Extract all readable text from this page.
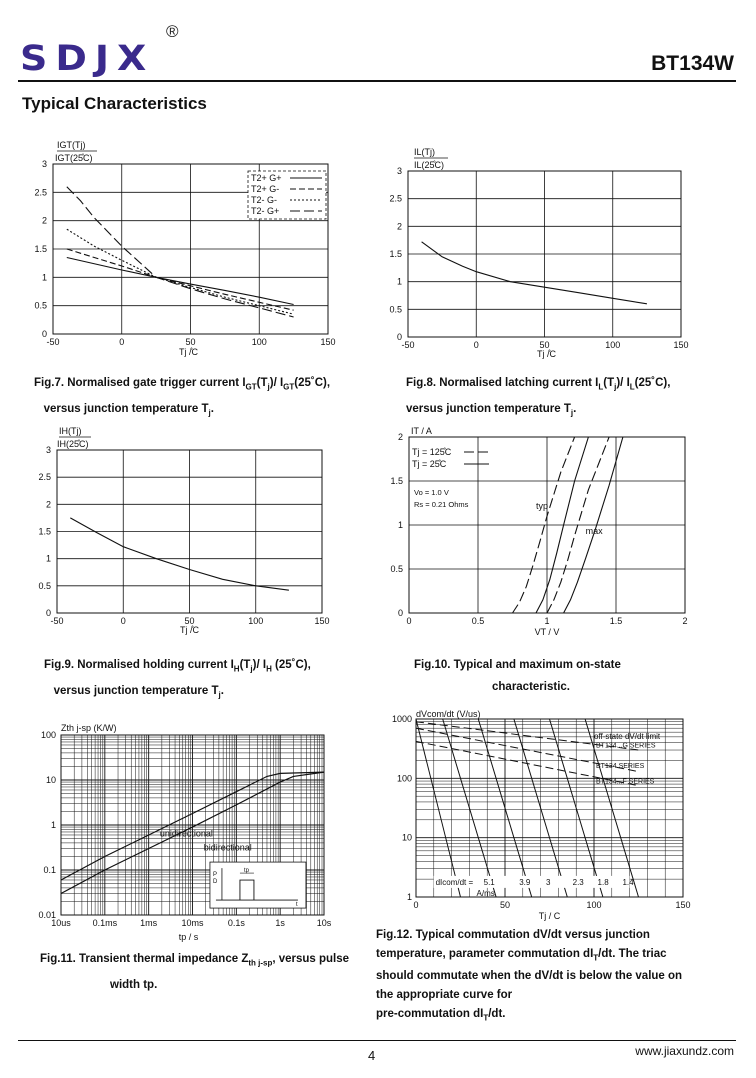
SDJX
®
BT134W
Typical Characteristics
-50	0	50	100	150
0
0.5
1
1.5
2
2.5
3
IGT(Tj)
IGT(25̊C)
Tj /̊C
T2+ G+
T2+ G-
T2- G-
T2- G+
-50	0	50	100	150
0
0.5
1
1.5
2
2.5
3
IL(Tj)
IL(25̊C)
Tj /̊C
-50	0	50	100	150
0
0.5
1
1.5
2
2.5
3
IH(Tj)
IH(25̊C)
Tj /̊C
0	0.5	1	1.5	2
0
0.5
1
1.5
2
IT / A
VT / V
Tj = 125̊C
Tj = 25̊C
Vo = 1.0 V
Rs = 0.21 Ohms	typ
max
10us 0.1ms	1ms	10ms	0.1s	1s	10s
0.01
0.1
1
10
100
Zth j-sp (K/W)
tp / s
unidirectional
bidirectional
P
D
tp
t	0	50	100	150
1
10
100
1000 dVcom/dt (V/us)
Tj / C
off-state dV/dt limit
BT134...G SERIES
BT134 SERIES
BT134...F SERIES
dIcom/dt = 5.1	3.9 3	2.3 1.8 1.4
A/ms
Fig.7. Normalised gate trigger current $I_{GT}(T_j)/$ $I_{GT}(25˚C)$,
versus junction temperature $T_j$.
Fig.8. Normalised latching current $I_L(T_j)/$ $I_L(25˚C)$,
versus junction temperature $T_j$.
Fig.9. Normalised holding current $I_H(T_j)/$ $I_H$ (25˚C),
versus junction temperature $T_j$.
Fig.10. Typical and maximum on-state
characteristic.
Fig.11. Transient thermal impedance $Z_{th j-sp}$, versus pulse
width tp.
Fig.12. Typical commutation dV/dt versus junction
temperature, parameter commutation $dI_T/dt$. The triac
should commutate when the dV/dt is below the value on
the appropriate curve for
pre-commutation $dI_T/dt$.
4	www.jiaxundz.com
